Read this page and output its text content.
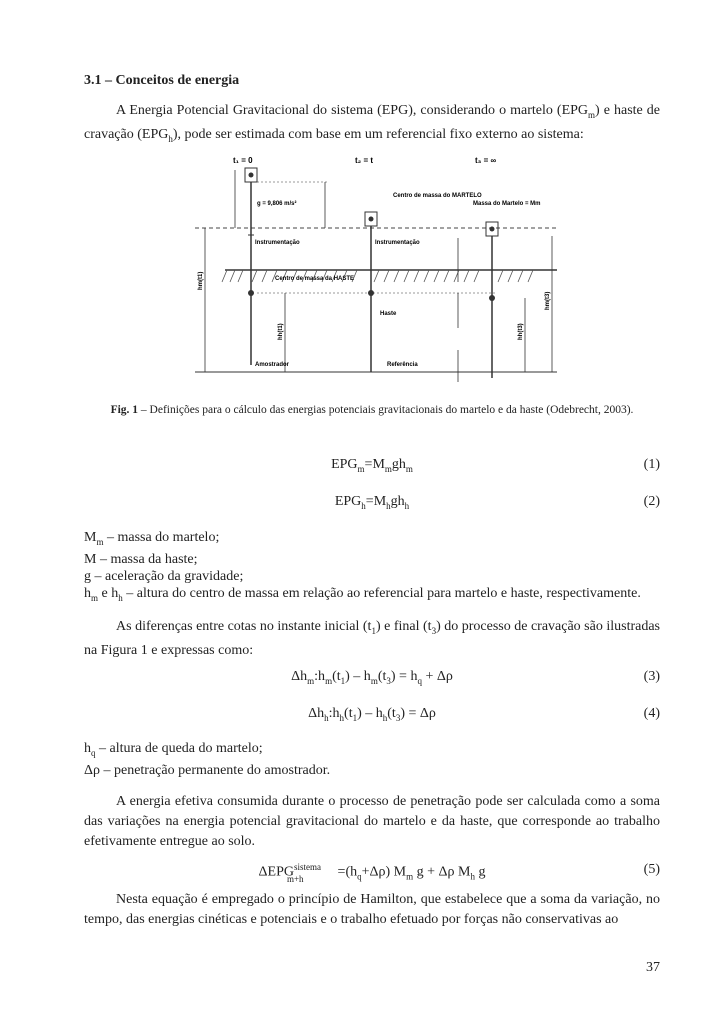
3.1 – Conceitos de energia
A Energia Potencial Gravitacional do sistema (EPG), considerando o martelo $(EPG_m)$ e haste de cravação $(EPG_h)$, pode ser estimada com base em um referencial fixo externo ao sistema:
t₁ = 0	t₂ = t	t₃ = ∞
g = 9,806 m/s²
Centro de massa do MARTELO
Massa do Martelo = Mm
Instrumentação	Instrumentação
Centro de massa da HASTE
Haste
Amostrador	Referência
hm(t1)
hh(t1)	hh(t3)
hm(t3)
Fig. 1 – Definições para o cálculo das energias potenciais gravitacionais do martelo e da haste (Odebrecht, 2003).
$EPG_m=M_mgh_m$	(1)
$EPG_h=M_hgh_h$	(2)
$M_m$ – massa do martelo;
M – massa da haste;
g – aceleração da gravidade;
$h_m$ e $h_h$ – altura do centro de massa em relação ao referencial para martelo e haste, respectivamente.
As diferenças entre cotas no instante inicial $(t_1)$ e final $(t_3)$ do processo de cravação são ilustradas na Figura 1 e expressas como:
$\Delta h_m:h_m(t_1) - h_m(t_3) = h_q + \Delta\rho$	(3)
$\Delta h_h:h_h(t_1) - h_h(t_3) = \Delta\rho$	(4)
$h_q$ – altura de queda do martelo;
Δρ – penetração permanente do amostrador.
A energia efetiva consumida durante o processo de penetração pode ser calculada como a soma das variações na energia potencial gravitacional do martelo e da haste, que corresponde ao trabalho efetivamente entregue ao solo.
$\Delta EPG^{sistema}_{m+h} =(h_q+\Delta\rho)$ $M_m$ g + Δρ $M_h$ g	(5)
Nesta equação é empregado o princípio de Hamilton, que estabelece que a soma da variação, no tempo, das energias cinéticas e potenciais e o trabalho efetuado por forças não conservativas ao
37
